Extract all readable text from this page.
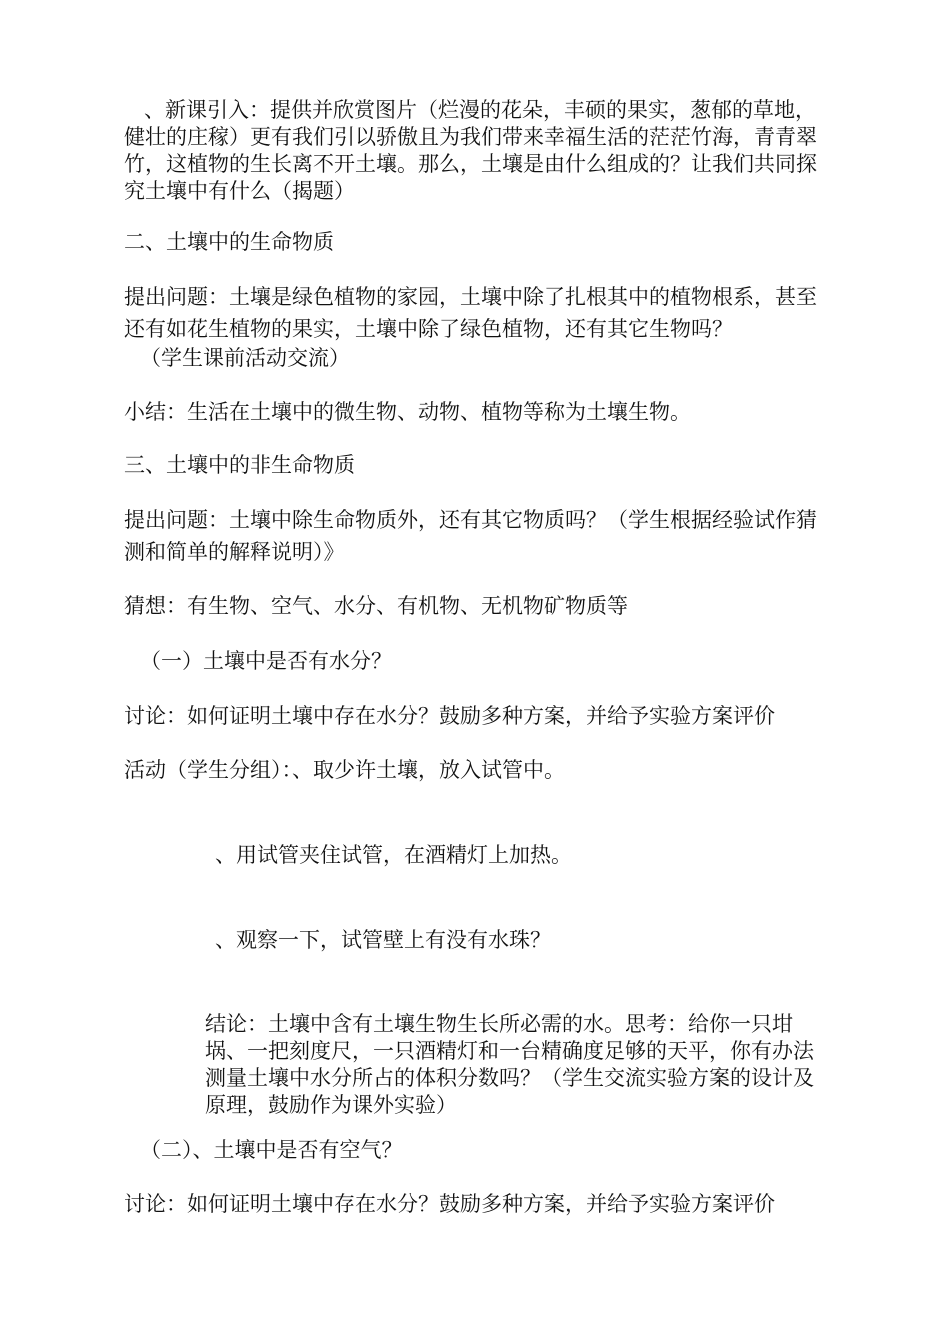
、新课引入：提供并欣赏图片（烂漫的花朵，丰硕的果实，葱郁的草地，健壮的庄稼）更有我们引以骄傲且为我们带来幸福生活的茫茫竹海，青青翠竹，这植物的生长离不开土壤。那么，土壤是由什么组成的？让我们共同探究土壤中有什么（揭题）

二、土壤中的生命物质

提出问题：土壤是绿色植物的家园，土壤中除了扎根其中的植物根系，甚至还有如花生植物的果实，土壤中除了绿色植物，还有其它生物吗？

（学生课前活动交流）

小结：生活在土壤中的微生物、动物、植物等称为土壤生物。

三、土壤中的非生命物质

提出问题：土壤中除生命物质外，还有其它物质吗？（学生根据经验试作猜测和简单的解释说明）》

猜想：有生物、空气、水分、有机物、无机物矿物质等

（一）土壤中是否有水分？

讨论：如何证明土壤中存在水分？鼓励多种方案，并给予实验方案评价

活动（学生分组）：、取少许土壤，放入试管中。

、用试管夹住试管，在酒精灯上加热。

、观察一下，试管壁上有没有水珠？

结论：土壤中含有土壤生物生长所必需的水。思考：给你一只坩埚、一把刻度尺，一只酒精灯和一台精确度足够的天平，你有办法测量土壤中水分所占的体积分数吗？（学生交流实验方案的设计及原理，鼓励作为课外实验）

（二）、土壤中是否有空气？

讨论：如何证明土壤中存在水分？鼓励多种方案，并给予实验方案评价
